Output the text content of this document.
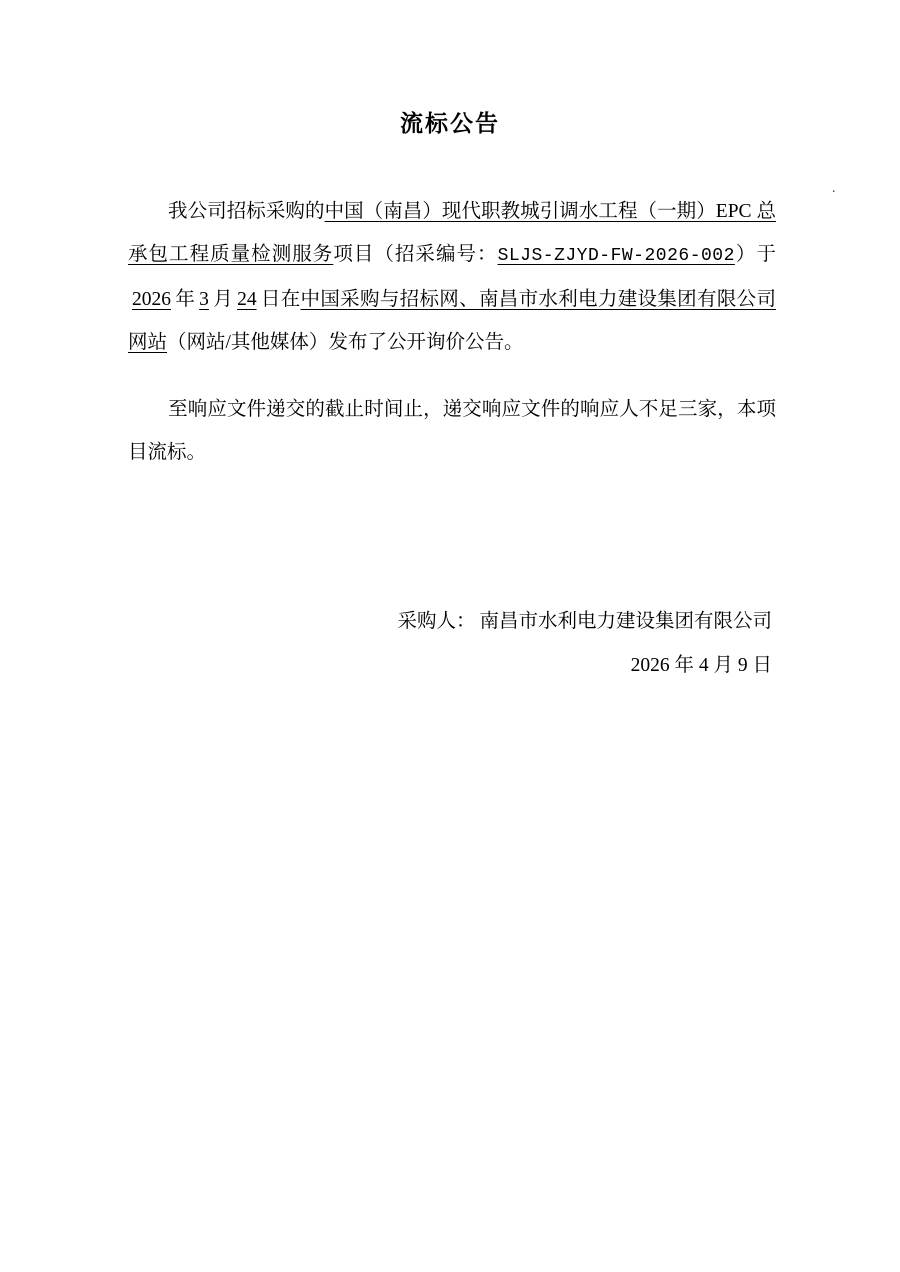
流标公告
.

我公司招标采购的中国（南昌）现代职教城引调水工程（一期）EPC 总承包工程质量检测服务项目（招采编号：SLJS-ZJYD-FW-2026-002）于2026 年 3 月 24 日在中国采购与招标网、南昌市水利电力建设集团有限公司网站（网站/其他媒体）发布了公开询价公告。

至响应文件递交的截止时间止，递交响应文件的响应人不足三家，本项目流标。

采购人： 南昌市水利电力建设集团有限公司
2026 年 4 月 9 日
